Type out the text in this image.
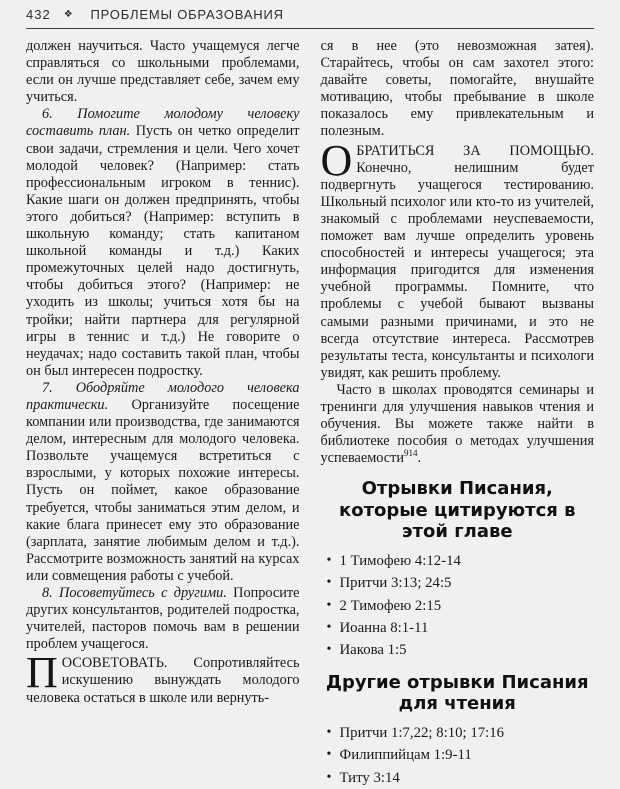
432 ❖ ПРОБЛЕМЫ ОБРАЗОВАНИЯ

должен научиться. Часто учащемуся легче справляться со школьными проблемами, если он лучше представляет себе, зачем ему учиться.

6. Помогите молодому человеку составить план. Пусть он четко определит свои задачи, стремления и цели. Чего хочет молодой человек? (Например: стать профессиональным игроком в теннис). Какие шаги он должен предпринять, чтобы этого добиться? (Например: вступить в школьную команду; стать капитаном школьной команды и т.д.) Каких промежуточных целей надо достигнуть, чтобы добиться этого? (Например: не уходить из школы; учиться хотя бы на тройки; найти партнера для регулярной игры в теннис и т.д.) Не говорите о неудачах; надо составить такой план, чтобы он был интересен подростку.

7. Ободряйте молодого человека практически. Организуйте посещение компании или производства, где занимаются делом, интересным для молодого человека. Позвольте учащемуся встретиться с взрослыми, у которых похожие интересы. Пусть он поймет, какое образование требуется, чтобы заниматься этим делом, и какие блага принесет ему это образование (зарплата, занятие любимым делом и т.д.). Рассмотрите возможность занятий на курсах или совмещения работы с учебой.

8. Посоветуйтесь с другими. Попросите других консультантов, родителей подростка, учителей, пасторов помочь вам в решении проблем учащегося.

ПОСОВЕТОВАТЬ. Сопротивляйтесь искушению вынуждать молодого человека остаться в школе или вернуть-

ся в нее (это невозможная затея). Старайтесь, чтобы он сам захотел этого: давайте советы, помогайте, внушайте мотивацию, чтобы пребывание в школе показалось ему привлекательным и полезным.

ОБРАТИТЬСЯ ЗА ПОМОЩЬЮ. Конечно, нелишним будет подвергнуть учащегося тестированию. Школьный психолог или кто-то из учителей, знакомый с проблемами неуспеваемости, поможет вам лучше определить уровень способностей и интересы учащегося; эта информация пригодится для изменения учебной программы. Помните, что проблемы с учебой бывают вызваны самыми разными причинами, и это не всегда отсутствие интереса. Рассмотрев результаты теста, консультанты и психологи увидят, как решить проблему.

Часто в школах проводятся семинары и тренинги для улучшения навыков чтения и обучения. Вы можете также найти в библиотеке пособия о методах улучшения успеваемости$^{914}$.

Отрывки Писания, которые цитируются в этой главе
• 1 Тимофею 4:12-14
• Притчи 3:13; 24:5
• 2 Тимофею 2:15
• Иоанна 8:1-11
• Иакова 1:5
Другие отрывки Писания для чтения
• Притчи 1:7,22; 8:10; 17:16
• Филиппийцам 1:9-11
• Титу 3:14
